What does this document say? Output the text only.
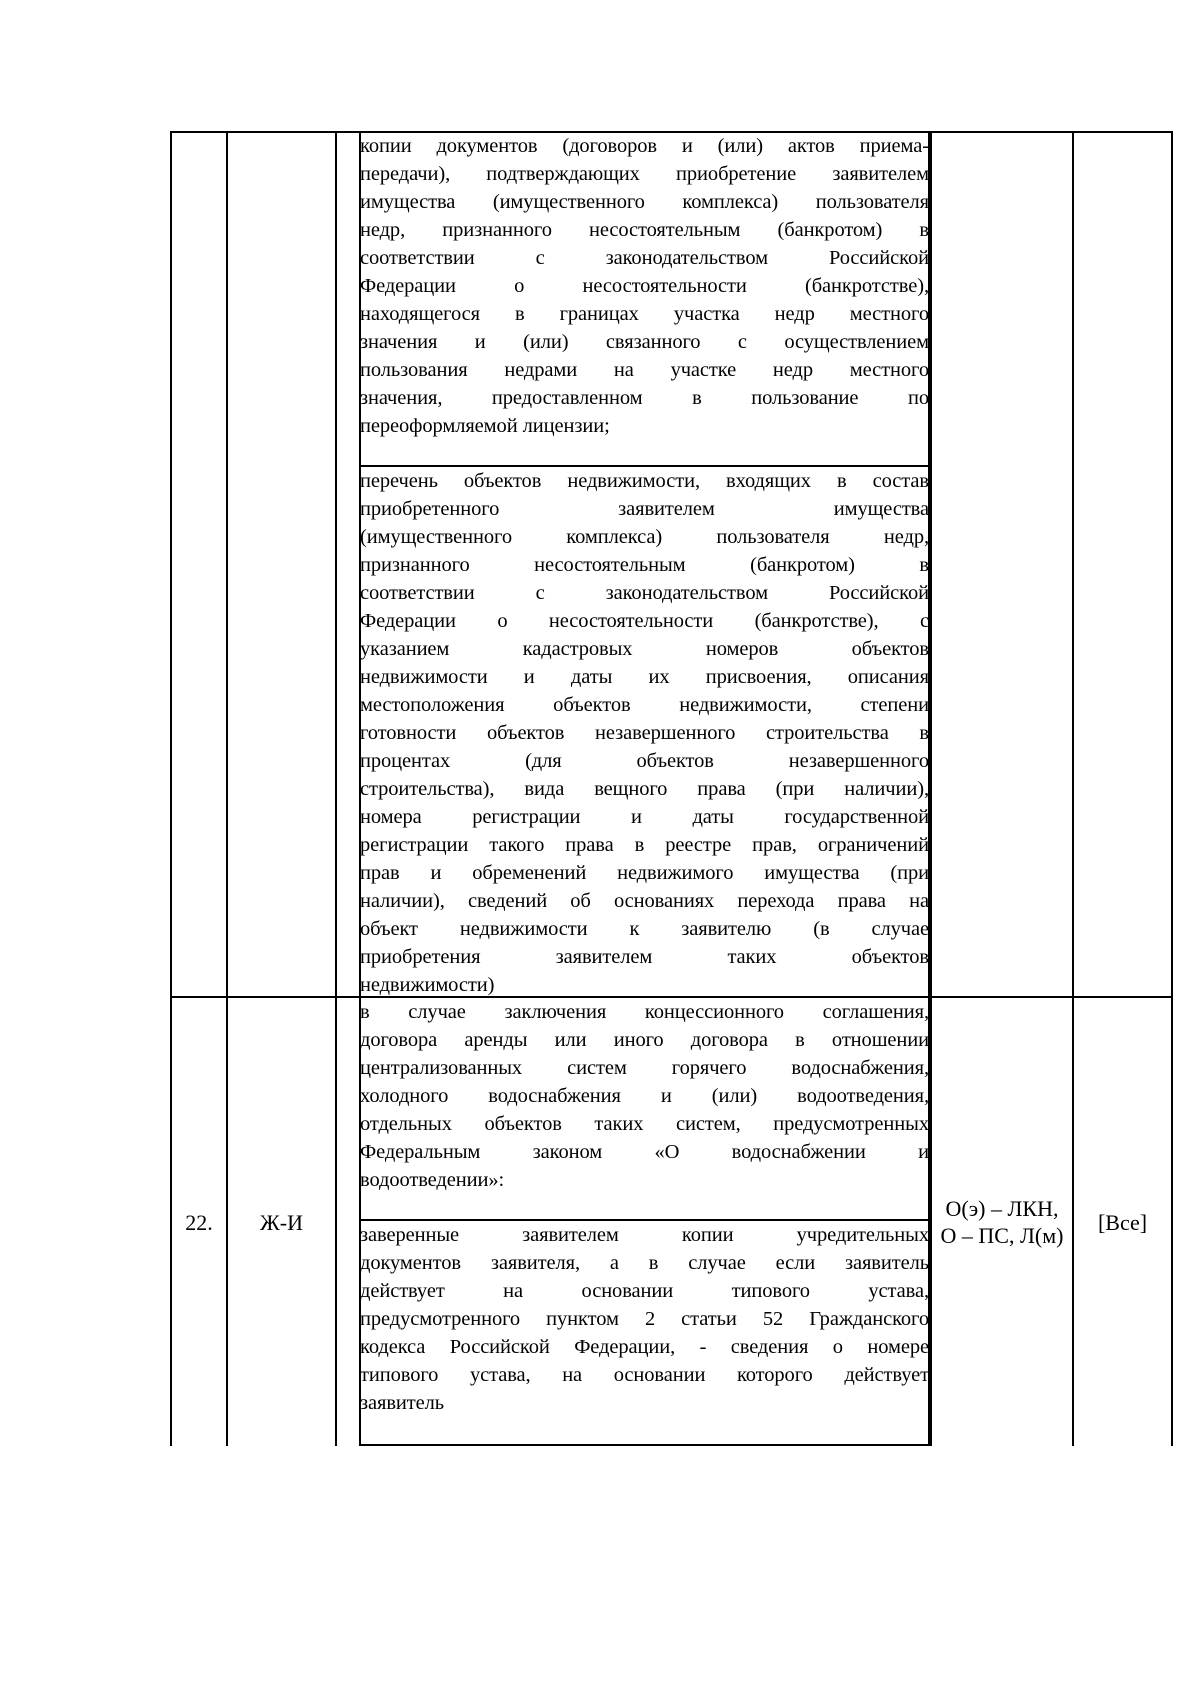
копии документов (договоров и (или) актов приема-
передачи), подтверждающих приобретение заявителем
имущества (имущественного комплекса) пользователя
недр, признанного несостоятельным (банкротом) в
соответствии с законодательством Российской
Федерации о несостоятельности (банкротстве),
находящегося в границах участка недр местного
значения и (или) связанного с осуществлением
пользования недрами на участке недр местного
значения, предоставленном в пользование по
переоформляемой лицензии;
перечень объектов недвижимости, входящих в состав
приобретенного заявителем имущества
(имущественного комплекса) пользователя недр,
признанного несостоятельным (банкротом) в
соответствии с законодательством Российской
Федерации о несостоятельности (банкротстве), с
указанием кадастровых номеров объектов
недвижимости и даты их присвоения, описания
местоположения объектов недвижимости, степени
готовности объектов незавершенного строительства в
процентах (для объектов незавершенного
строительства), вида вещного права (при наличии),
номера регистрации и даты государственной
регистрации такого права в реестре прав, ограничений
прав и обременений недвижимого имущества (при
наличии), сведений об основаниях перехода права на
объект недвижимости к заявителю (в случае
приобретения заявителем таких объектов
недвижимости)
22.	Ж-И
О(э) – ЛКН,
О – ПС, Л(м)
[Все]
в случае заключения концессионного соглашения,
договора аренды или иного договора в отношении
централизованных систем горячего водоснабжения,
холодного водоснабжения и (или) водоотведения,
отдельных объектов таких систем, предусмотренных
Федеральным законом «О водоснабжении и
водоотведении»:
заверенные заявителем копии учредительных
документов заявителя, а в случае если заявитель
действует на основании типового устава,
предусмотренного пунктом 2 статьи 52 Гражданского
кодекса Российской Федерации, - сведения о номере
типового устава, на основании которого действует
заявитель
